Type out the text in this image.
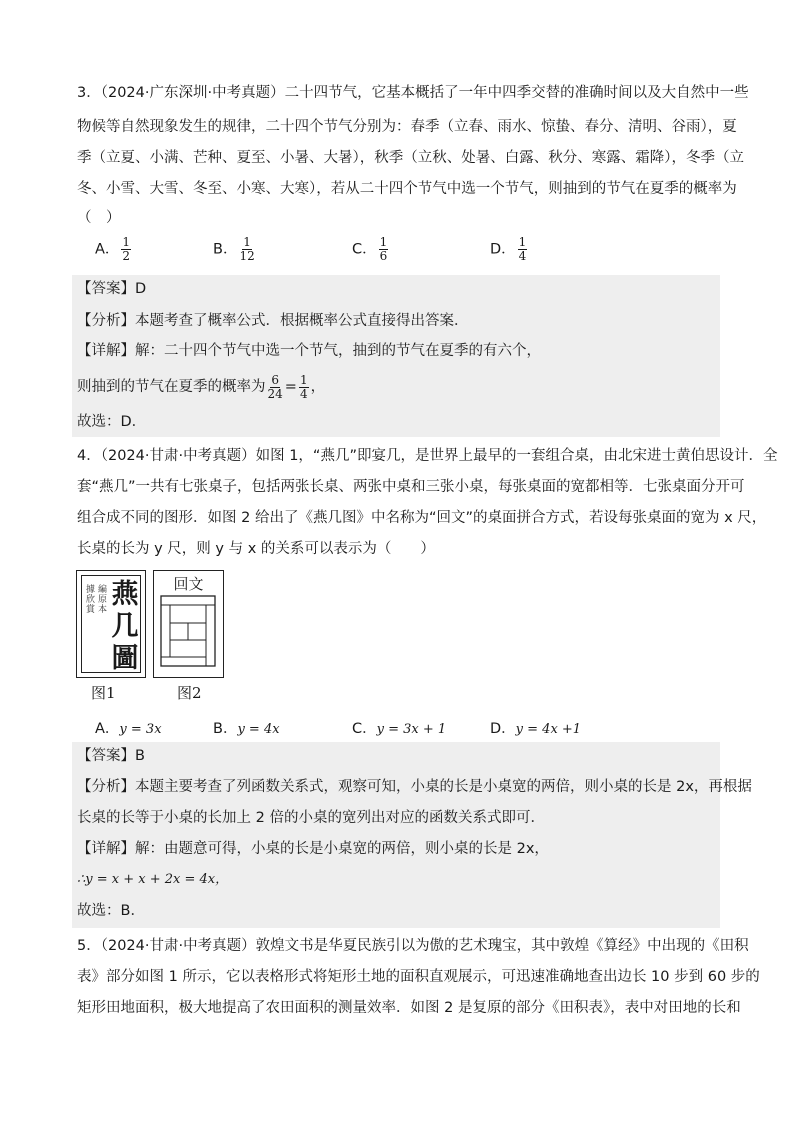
3．（2024·广东深圳·中考真题）二十四节气，它基本概括了一年中四季交替的准确时间以及大自然中一些
物候等自然现象发生的规律，二十四个节气分别为：春季（立春、雨水、惊蛰、春分、清明、谷雨），夏
季（立夏、小满、芒种、夏至、小暑、大暑），秋季（立秋、处暑、白露、秋分、寒露、霜降），冬季（立
冬、小雪、大雪、冬至、小寒、大寒），若从二十四个节气中选一个节气，则抽到的节气在夏季的概率为
（　）
A． $\frac{1}{2}$	B． $\frac{1}{12}$	C． $\frac{1}{6}$	D． $\frac{1}{4}$
【答案】D
【分析】本题考查了概率公式．根据概率公式直接得出答案．
【详解】解：二十四个节气中选一个节气，抽到的节气在夏季的有六个，
则抽到的节气在夏季的概率为 $\frac{6}{24} = \frac{1}{4}$ ，
故选：D．
4．（2024·甘肃·中考真题）如图 1，“燕几”即宴几，是世界上最早的一套组合桌，由北宋进士黄伯思设计．全
套“燕几”一共有七张桌子，包括两张长桌、两张中桌和三张小桌，每张桌面的宽都相等．七张桌面分开可
组合成不同的图形．如图 2 给出了《燕几图》中名称为“回文”的桌面拼合方式，若设每张桌面的宽为 x 尺，
长桌的长为 y 尺，则 y 与 x 的关系可以表示为（　　）
據欣賞
編原本 燕
几
圖
图1
回文
图2
A．y = 3x	B．y = 4x	C．y = 3x + 1	D．y = 4x +1
【答案】B
【分析】本题主要考查了列函数关系式，观察可知，小桌的长是小桌宽的两倍，则小桌的长是 2x，再根据
长桌的长等于小桌的长加上 2 倍的小桌的宽列出对应的函数关系式即可．
【详解】解：由题意可得，小桌的长是小桌宽的两倍，则小桌的长是 2x，
∴y = x + x + 2x = 4x，
故选：B．
5．（2024·甘肃·中考真题）敦煌文书是华夏民族引以为傲的艺术瑰宝，其中敦煌《算经》中出现的《田积
表》部分如图 1 所示，它以表格形式将矩形土地的面积直观展示，可迅速准确地查出边长 10 步到 60 步的
矩形田地面积，极大地提高了农田面积的测量效率．如图 2 是复原的部分《田积表》，表中对田地的长和
